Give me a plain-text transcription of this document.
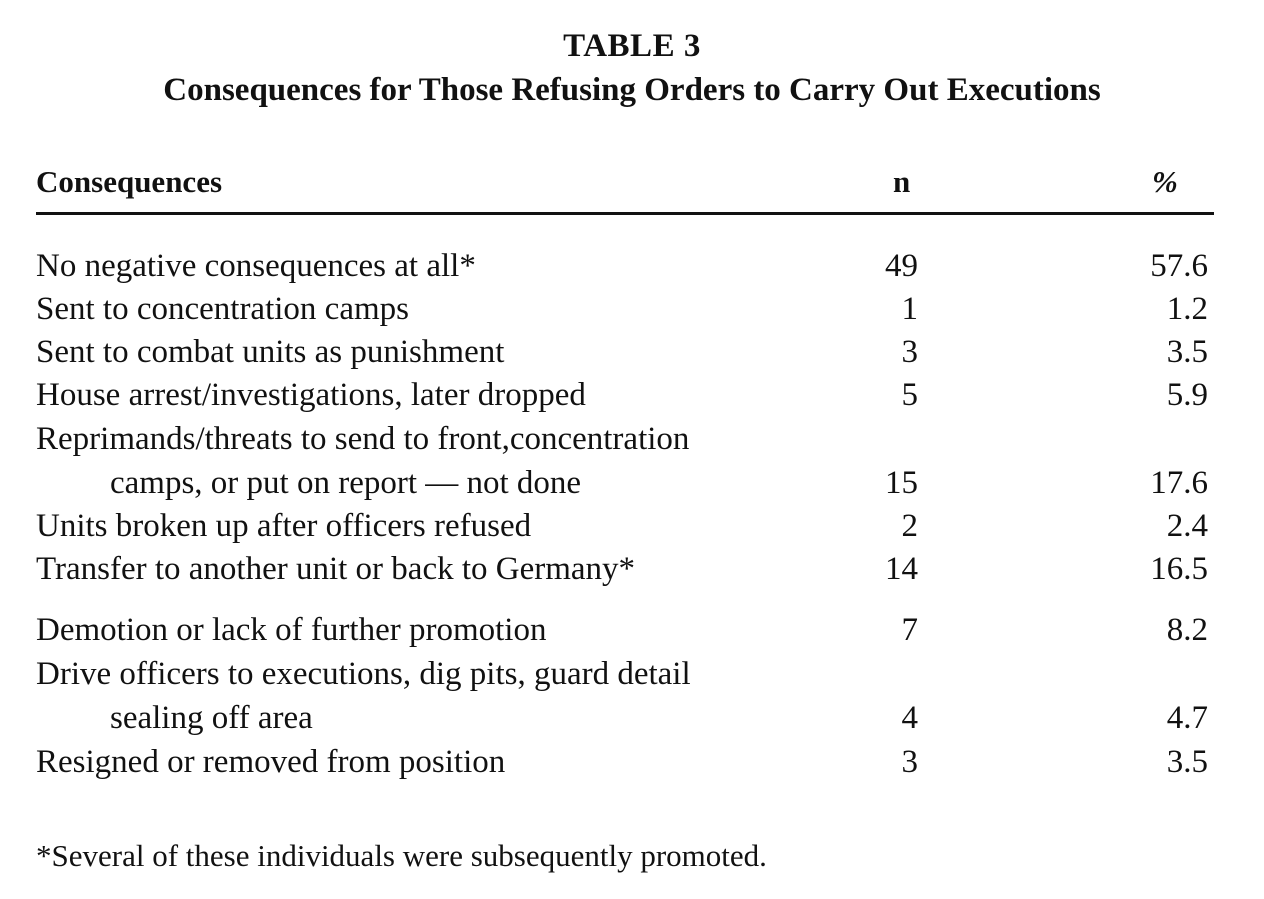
TABLE 3
Consequences for Those Refusing Orders to Carry Out Executions
Consequences	n	%
No negative consequences at all*	49	57.6
Sent to concentration camps	1	1.2
Sent to combat units as punishment	3	3.5
House arrest/investigations, later dropped	5	5.9
Reprimands/threats to send to front,concentration
camps, or put on report — not done	15	17.6
Units broken up after officers refused	2	2.4
Transfer to another unit or back to Germany*	14	16.5
Demotion or lack of further promotion	7	8.2
Drive officers to executions, dig pits, guard detail
sealing off area	4	4.7
Resigned or removed from position	3	3.5
*Several of these individuals were subsequently promoted.
